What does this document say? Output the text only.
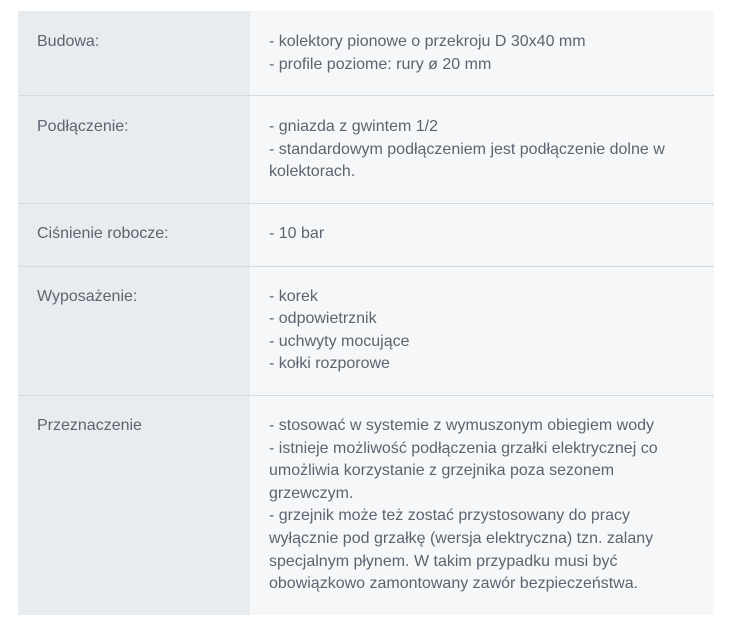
Budowa:	- kolektory pionowe o przekroju D 30x40 mm
- profile poziome: rury ø 20 mm

Podłączenie:	- gniazda z gwintem 1/2
- standardowym podłączeniem jest podłączenie dolne w kolektorach.

Ciśnienie robocze:	- 10 bar

Wyposażenie:	- korek
- odpowietrznik
- uchwyty mocujące
- kołki rozporowe

Przeznaczenie	- stosować w systemie z wymuszonym obiegiem wody
- istnieje możliwość podłączenia grzałki elektrycznej co umożliwia korzystanie z grzejnika poza sezonem grzewczym.
- grzejnik może też zostać przystosowany do pracy wyłącznie pod grzałkę (wersja elektryczna) tzn. zalany specjalnym płynem. W takim przypadku musi być obowiązkowo zamontowany zawór bezpieczeństwa.
